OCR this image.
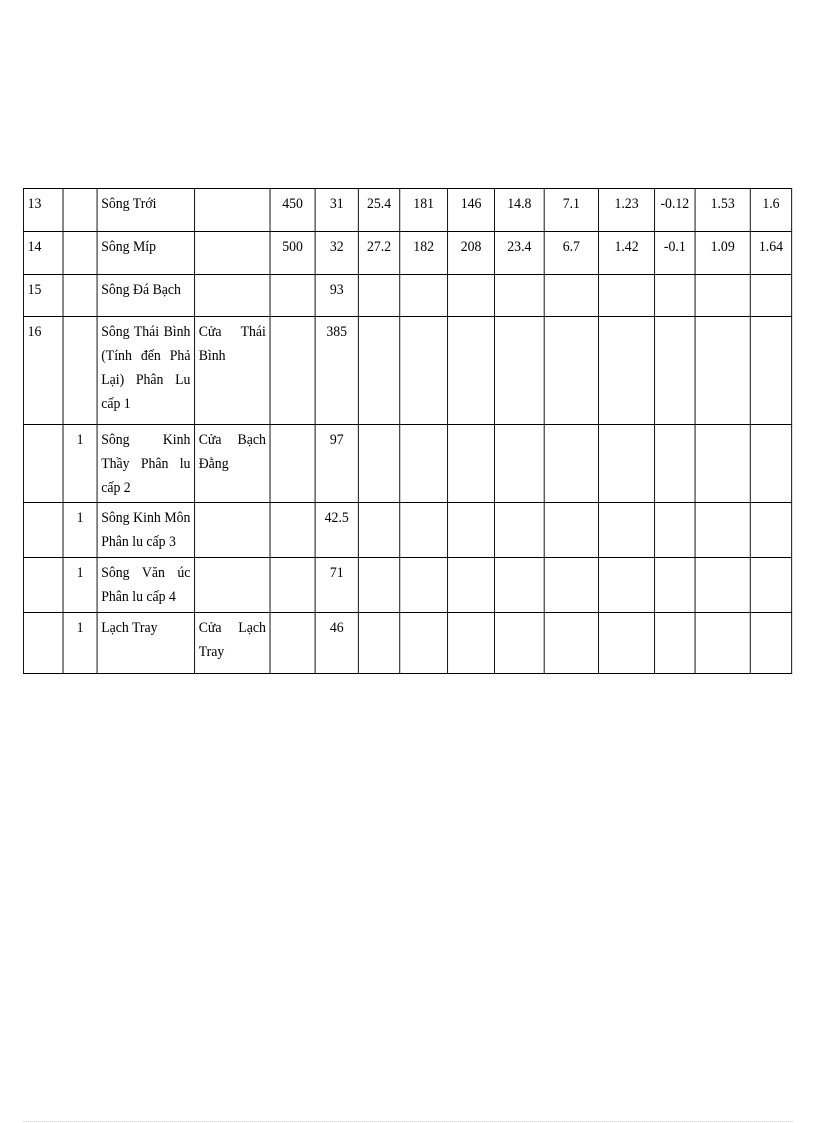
13		Sông Trới		450	31	25.4	181	146	14.8	7.1	1.23	-0.12	1.53	1.6
14		Sông Míp		500	32	27.2	182	208	23.4	6.7	1.42	-0.1	1.09	1.64
15		Sông Đá Bạch			93									
16		Sông Thái Bình (Tính đến Phả Lại) Phân Lu cấp 1	Cửa Thái Bình		385									
	1	Sông Kinh Thầy Phân lu cấp 2	Cửa Bạch Đằng		97									
	1	Sông Kinh Môn Phân lu cấp 3			42.5									
	1	Sông Văn úc Phân lu cấp 4			71									
	1	Lạch Tray	Cửa Lạch Tray		46									
